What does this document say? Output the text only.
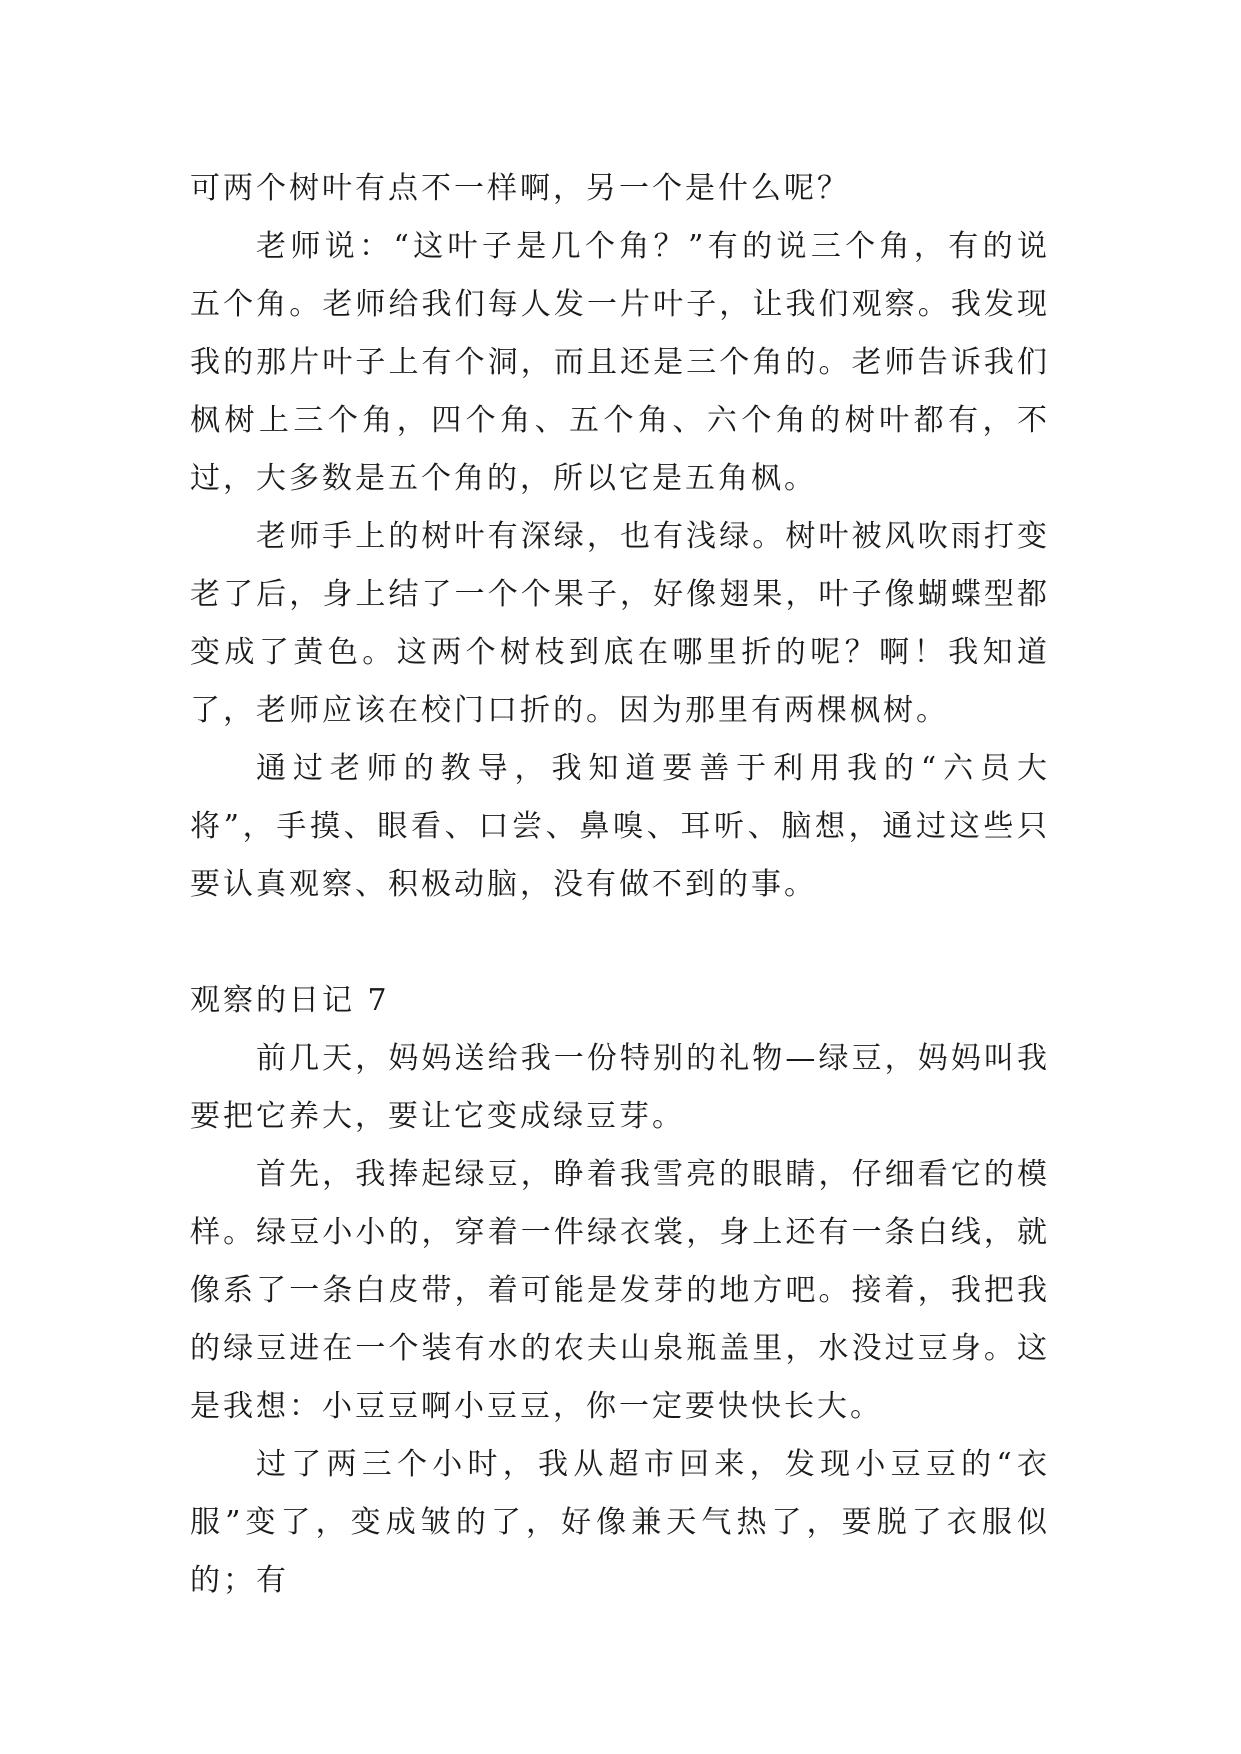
可两个树叶有点不一样啊，另一个是什么呢？

老师说：“这叶子是几个角？”有的说三个角，有的说五个角。老师给我们每人发一片叶子，让我们观察。我发现我的那片叶子上有个洞，而且还是三个角的。老师告诉我们枫树上三个角，四个角、五个角、六个角的树叶都有，不过，大多数是五个角的，所以它是五角枫。

老师手上的树叶有深绿，也有浅绿。树叶被风吹雨打变老了后，身上结了一个个果子，好像翅果，叶子像蝴蝶型都变成了黄色。这两个树枝到底在哪里折的呢？啊！我知道了，老师应该在校门口折的。因为那里有两棵枫树。

通过老师的教导，我知道要善于利用我的“六员大将”，手摸、眼看、口尝、鼻嗅、耳听、脑想，通过这些只要认真观察、积极动脑，没有做不到的事。

观察的日记 7

前几天，妈妈送给我一份特别的礼物—绿豆，妈妈叫我要把它养大，要让它变成绿豆芽。

首先，我捧起绿豆，睁着我雪亮的眼睛，仔细看它的模样。绿豆小小的，穿着一件绿衣裳，身上还有一条白线，就像系了一条白皮带，着可能是发芽的地方吧。接着，我把我的绿豆进在一个装有水的农夫山泉瓶盖里，水没过豆身。这是我想：小豆豆啊小豆豆，你一定要快快长大。

过了两三个小时，我从超市回来，发现小豆豆的“衣服”变了，变成皱的了，好像兼天气热了，要脱了衣服似的；有
